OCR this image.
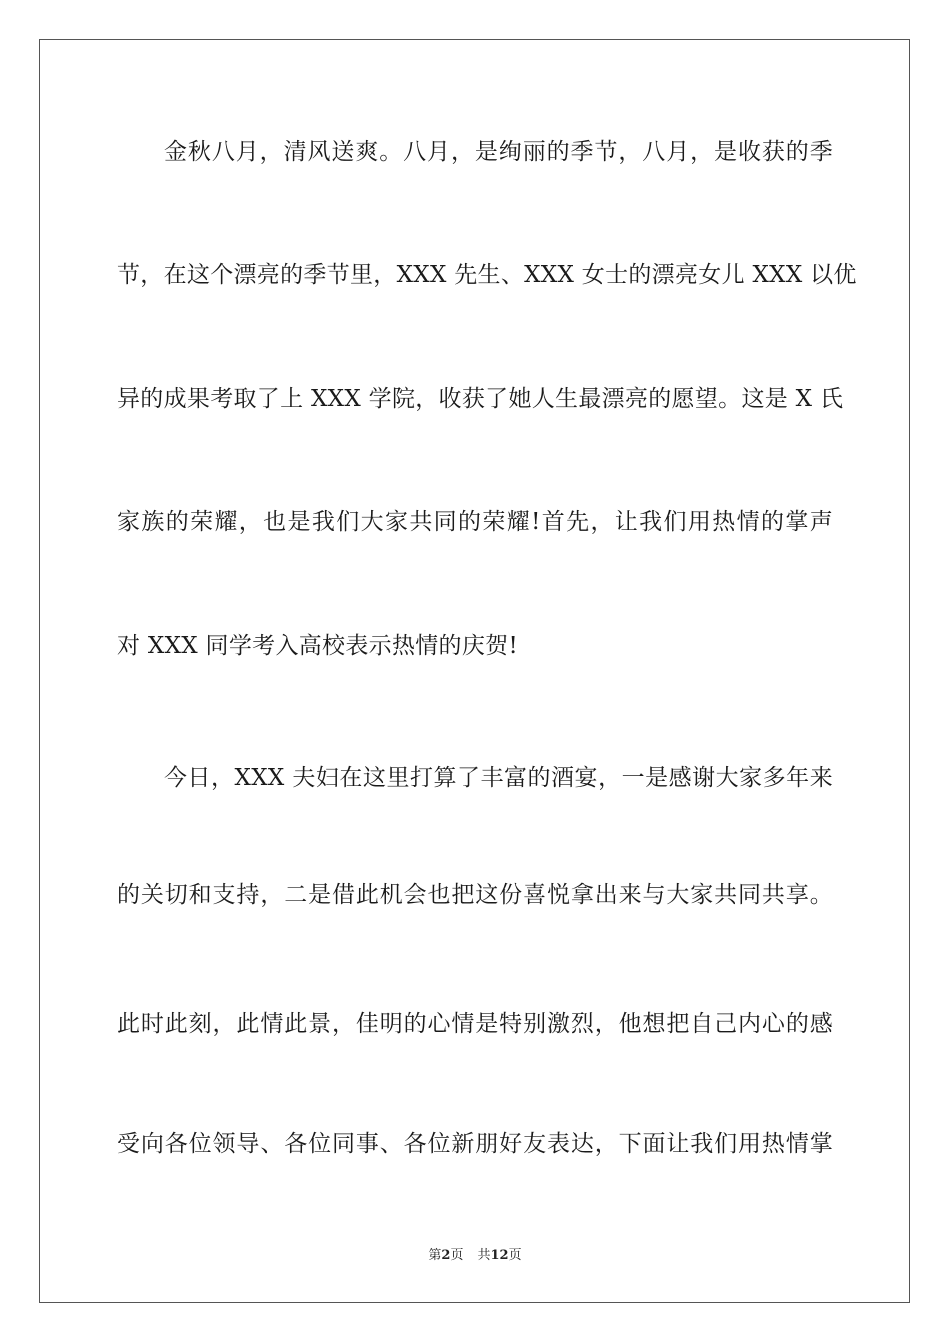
金秋八月，清风送爽。八月，是绚丽的季节，八月，是收获的季
节，在这个漂亮的季节里，XXX 先生、XXX 女士的漂亮女儿 XXX 以优
异的成果考取了上 XXX 学院，收获了她人生最漂亮的愿望。这是 X 氏
家族的荣耀，也是我们大家共同的荣耀!首先，让我们用热情的掌声
对 XXX 同学考入高校表示热情的庆贺!
今日，XXX 夫妇在这里打算了丰富的酒宴，一是感谢大家多年来
的关切和支持，二是借此机会也把这份喜悦拿出来与大家共同共享。
此时此刻，此情此景，佳明的心情是特别激烈，他想把自己内心的感
受向各位领导、各位同事、各位新朋好友表达，下面让我们用热情掌
第2页 共12页
